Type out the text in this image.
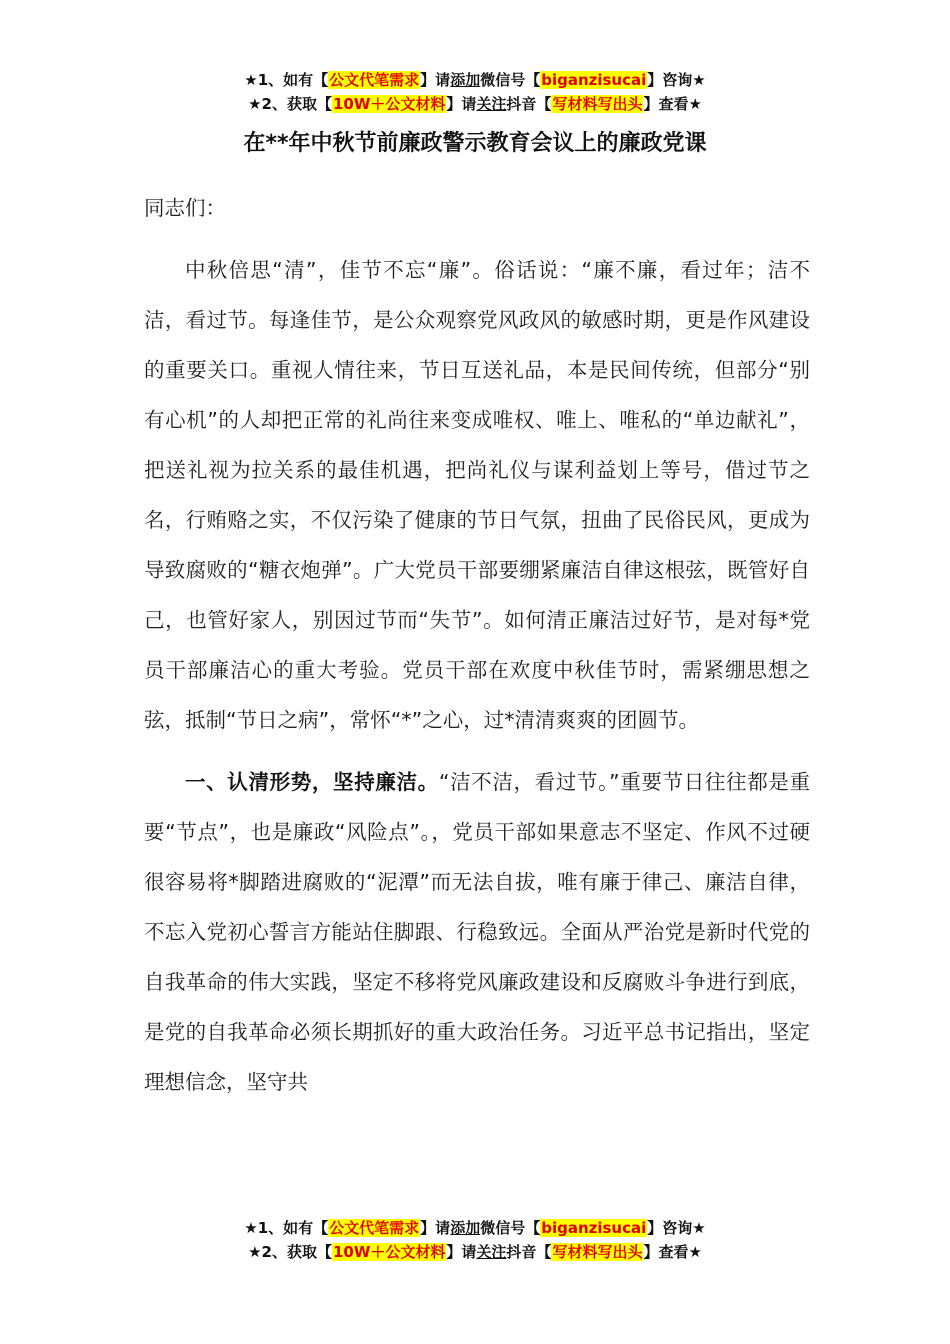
★1、如有【公文代笔需求】请添加微信号【biganzisucai】咨询★
★2、获取【10W＋公文材料】请关注抖音【写材料写出头】查看★
在**年中秋节前廉政警示教育会议上的廉政党课

同志们：

中秋倍思“清”，佳节不忘“廉”。俗话说：“廉不廉，看过年；洁不洁，看过节。每逢佳节，是公众观察党风政风的敏感时期，更是作风建设的重要关口。重视人情往来，节日互送礼品，本是民间传统，但部分“别有心机”的人却把正常的礼尚往来变成唯权、唯上、唯私的“单边献礼”，把送礼视为拉关系的最佳机遇，把尚礼仪与谋利益划上等号，借过节之名，行贿赂之实，不仅污染了健康的节日气氛，扭曲了民俗民风，更成为导致腐败的“糖衣炮弹”。广大党员干部要绷紧廉洁自律这根弦，既管好自己，也管好家人，别因过节而“失节”。如何清正廉洁过好节，是对每*党员干部廉洁心的重大考验。党员干部在欢度中秋佳节时，需紧绷思想之弦，抵制“节日之病”，常怀“*”之心，过*清清爽爽的团圆节。

一、认清形势，坚持廉洁。“洁不洁，看过节。”重要节日往往都是重要“节点”，也是廉政“风险点”。，党员干部如果意志不坚定、作风不过硬很容易将*脚踏进腐败的“泥潭”而无法自拔，唯有廉于律己、廉洁自律，不忘入党初心誓言方能站住脚跟、行稳致远。全面从严治党是新时代党的自我革命的伟大实践，坚定不移将党风廉政建设和反腐败斗争进行到底，是党的自我革命必须长期抓好的重大政治任务。习近平总书记指出，坚定理想信念，坚守共

★1、如有【公文代笔需求】请添加微信号【biganzisucai】咨询★
★2、获取【10W＋公文材料】请关注抖音【写材料写出头】查看★
